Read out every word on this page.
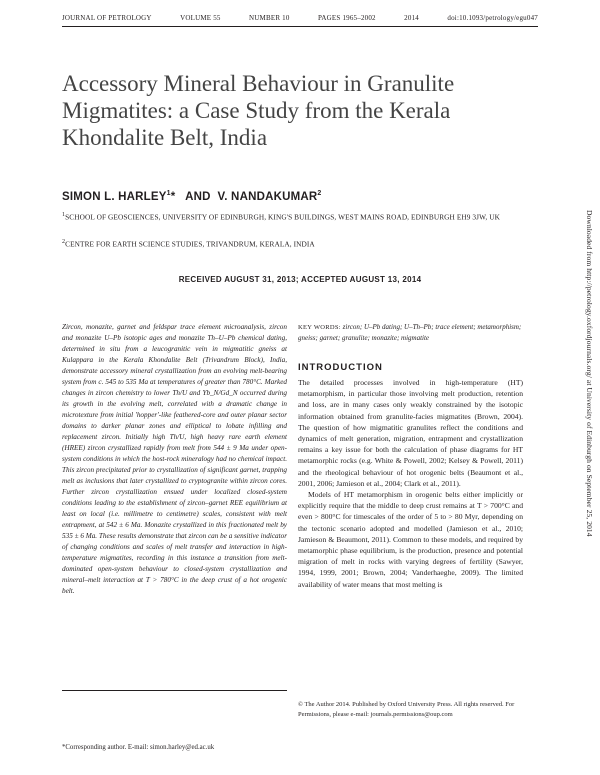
JOURNAL OF PETROLOGY	VOLUME 55	NUMBER 10	PAGES 1965–2002	2014	doi:10.1093/petrology/egu047
Accessory Mineral Behaviour in Granulite Migmatites: a Case Study from the Kerala Khondalite Belt, India
SIMON L. HARLEY$^1$* AND V. NANDAKUMAR$^2$
$^1$SCHOOL OF GEOSCIENCES, UNIVERSITY OF EDINBURGH, KING'S BUILDINGS, WEST MAINS ROAD, EDINBURGH EH9 3JW, UK
$^2$CENTRE FOR EARTH SCIENCE STUDIES, TRIVANDRUM, KERALA, INDIA
RECEIVED AUGUST 31, 2013; ACCEPTED AUGUST 13, 2014
Zircon, monazite, garnet and feldspar trace element microanalysis, zircon and monazite U–Pb isotopic ages and monazite Th–U–Pb chemical dating, determined in situ from a leucogranitic vein in migmatitic gneiss at Kulappara in the Kerala Khondalite Belt (Trivandrum Block), India, demonstrate accessory mineral crystallization from an evolving melt-bearing system from c. 545 to 535 Ma at temperatures of greater than 780°C. Marked changes in zircon chemistry to lower Th/U and Yb_N/Gd_N occurred during its growth in the evolving melt, correlated with a dramatic change in microtexture from initial 'hopper'-like feathered-core and outer planar sector domains to darker planar zones and elliptical to lobate infilling and replacement zircon. Initially high Th/U, high heavy rare earth element (HREE) zircon crystallized rapidly from melt from 544 ± 9 Ma under open-system conditions in which the host-rock mineralogy had no chemical impact. This zircon precipitated prior to crystallization of significant garnet, trapping melt as inclusions that later crystallized to cryptogranite within zircon cores. Further zircon crystallization ensued under localized closed-system conditions leading to the establishment of zircon–garnet REE equilibrium at least on local (i.e. millimetre to centimetre) scales, consistent with melt entrapment, at 542 ± 6 Ma. Monazite crystallized in this fractionated melt by 535 ± 6 Ma. These results demonstrate that zircon can be a sensitive indicator of changing conditions and scales of melt transfer and interaction in high-temperature migmatites, recording in this instance a transition from melt-dominated open-system behaviour to closed-system crystallization and mineral–melt interaction at T > 780°C in the deep crust of a hot orogenic belt.
KEY WORDS: zircon; U–Pb dating; U–Th–Pb; trace element; metamorphism; gneiss; garnet; granulite; monazite; migmatite
INTRODUCTION

The detailed processes involved in high-temperature (HT) metamorphism, in particular those involving melt production, retention and loss, are in many cases only weakly constrained by the isotopic information obtained from granulite-facies migmatites (Brown, 2004). The question of how migmatitic granulites reflect the conditions and dynamics of melt generation, migration, entrapment and crystallization remains a key issue for both the calculation of phase diagrams for HT metamorphic rocks (e.g. White & Powell, 2002; Kelsey & Powell, 2011) and the rheological behaviour of hot orogenic belts (Beaumont et al., 2001, 2006; Jamieson et al., 2004; Clark et al., 2011).

Models of HT metamorphism in orogenic belts either implicitly or explicitly require that the middle to deep crust remains at T > 700°C and even > 800°C for timescales of the order of 5 to > 80 Myr, depending on the tectonic scenario adopted and modelled (Jamieson et al., 2010; Jamieson & Beaumont, 2011). Common to these models, and required by metamorphic phase equilibrium, is the production, presence and potential migration of melt in rocks with varying degrees of fertility (Sawyer, 1994, 1999, 2001; Brown, 2004; Vanderhaeghe, 2009). The limited availability of water means that most melting is

© The Author 2014. Published by Oxford University Press. All rights reserved. For Permissions, please e-mail: journals.permissions@oup.com
*Corresponding author. E-mail: simon.harley@ed.ac.uk
Downloaded from http://petrology.oxfordjournals.org/ at University of Edinburgh on September 25, 2014
